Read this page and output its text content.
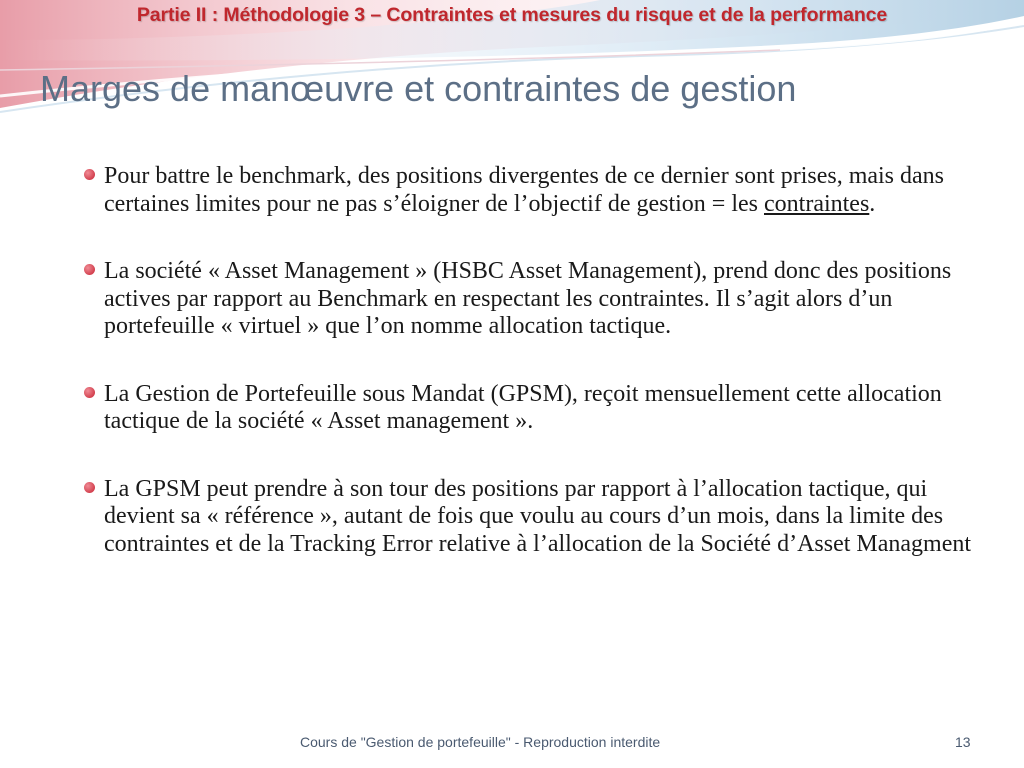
Partie II : Méthodologie 3 – Contraintes et mesures du risque et de la performance
Marges de manœuvre et contraintes de gestion
Pour battre le benchmark, des positions divergentes de ce dernier sont prises, mais dans certaines limites pour ne pas s’éloigner de l’objectif de gestion = les contraintes.
La société « Asset Management » (HSBC Asset Management), prend donc des positions actives par rapport au Benchmark en respectant les contraintes. Il s’agit alors d’un portefeuille « virtuel » que l’on nomme allocation tactique.
La Gestion de Portefeuille sous Mandat (GPSM), reçoit mensuellement cette allocation tactique de la société « Asset management ».
La GPSM peut prendre à son tour des positions par rapport à l’allocation tactique, qui devient sa « référence », autant de fois que voulu au cours d’un mois, dans la limite des contraintes et de la Tracking Error relative à l’allocation de la Société d’Asset Managment
Cours de "Gestion de portefeuille" - Reproduction interdite	13
